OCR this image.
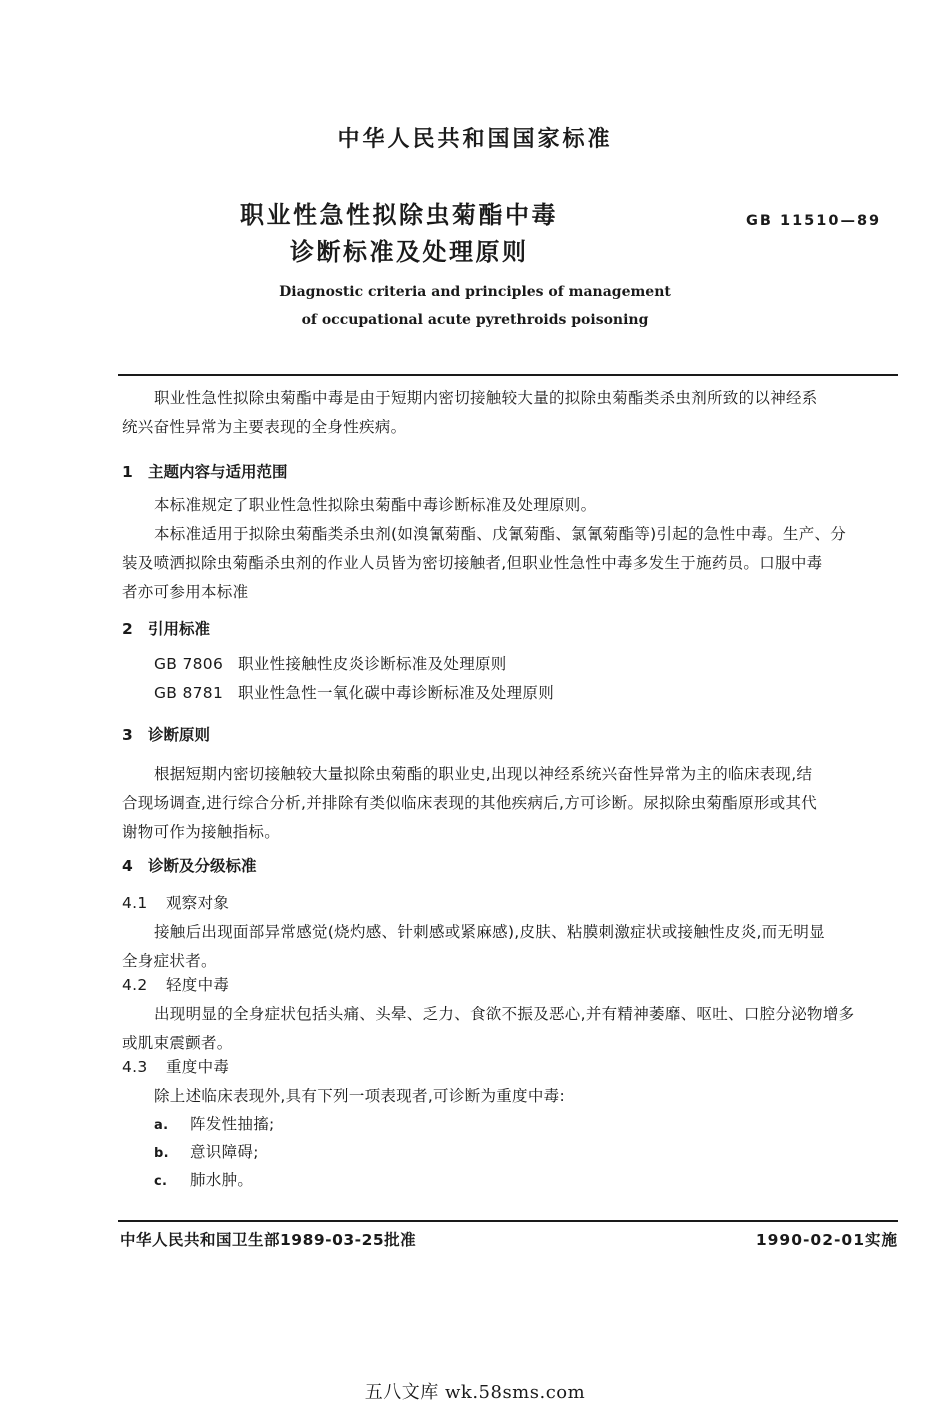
中华人民共和国国家标准
职业性急性拟除虫菊酯中毒
诊断标准及处理原则
GB 11510—89
Diagnostic criteria and principles of management
of occupational acute pyrethroids poisoning
职业性急性拟除虫菊酯中毒是由于短期内密切接触较大量的拟除虫菊酯类杀虫剂所致的以神经系
统兴奋性异常为主要表现的全身性疾病。
1 主题内容与适用范围
本标准规定了职业性急性拟除虫菊酯中毒诊断标准及处理原则。
本标准适用于拟除虫菊酯类杀虫剂(如溴氰菊酯、戊氰菊酯、氯氰菊酯等)引起的急性中毒。生产、分
装及喷洒拟除虫菊酯杀虫剂的作业人员皆为密切接触者,但职业性急性中毒多发生于施药员。口服中毒
者亦可参用本标准
2 引用标准
GB 7806 职业性接触性皮炎诊断标准及处理原则
GB 8781 职业性急性一氧化碳中毒诊断标准及处理原则
3 诊断原则
根据短期内密切接触较大量拟除虫菊酯的职业史,出现以神经系统兴奋性异常为主的临床表现,结
合现场调查,进行综合分析,并排除有类似临床表现的其他疾病后,方可诊断。尿拟除虫菊酯原形或其代
谢物可作为接触指标。
4 诊断及分级标准
4.1 观察对象
接触后出现面部异常感觉(烧灼感、针刺感或紧麻感),皮肤、粘膜刺激症状或接触性皮炎,而无明显
全身症状者。
4.2 轻度中毒
出现明显的全身症状包括头痛、头晕、乏力、食欲不振及恶心,并有精神萎靡、呕吐、口腔分泌物增多
或肌束震颤者。
4.3 重度中毒
除上述临床表现外,具有下列一项表现者,可诊断为重度中毒:
a. 阵发性抽搐;
b. 意识障碍;
c. 肺水肿。
中华人民共和国卫生部1989-03-25批准	1990-02-01实施
五八文库 wk.58sms.com
